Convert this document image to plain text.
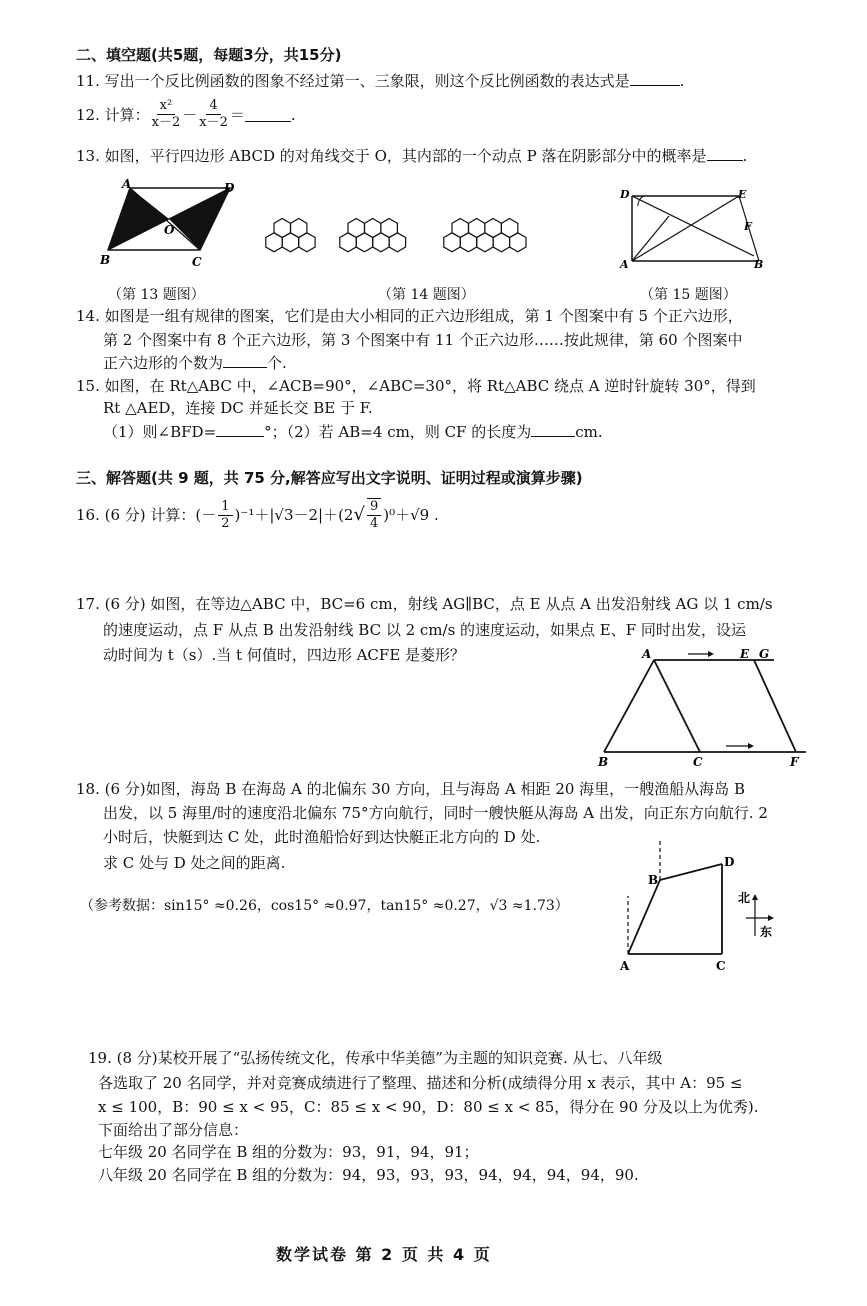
二、填空题(共5题，每题3分，共15分)
11. 写出一个反比例函数的图象不经过第一、三象限，则这个反比例函数的表达式是	.
12. 计算： $\frac{\text{x²}}{x-2} - \frac{4}{x-2}$ ＝	.
13. 如图，平行四边形 ABCD 的对角线交于 O，其内部的一个动点 P 落在阴影部分中的概率是 .
A	D
B	C
O
（第 13 题图）	（第 14 题图）
D	E
F
A	B
（第 15 题图）
14. 如图是一组有规律的图案，它们是由大小相同的正六边形组成，第 1 个图案中有 5 个正六边形，
第 2 个图案中有 8 个正六边形，第 3 个图案中有 11 个正六边形……按此规律，第 60 个图案中
正六边形的个数为	个.
15. 如图，在 Rt△ABC 中，∠ACB=90°，∠ABC=30°，将 Rt△ABC 绕点 A 逆时针旋转 30°，得到
Rt △AED，连接 DC 并延长交 BE 于 F.
（1）则∠BFD=	°；（2）若 AB=4 cm，则 CF 的长度为	cm.
三、解答题(共 9 题，共 75 分,解答应写出文字说明、证明过程或演算步骤)
16. (6 分) 计算：(－ $\frac{1}{2} )^{-1}+|√3-2|+(2$ √ $\frac{9}{4} )^0+√9$ .
17. (6 分) 如图，在等边△ABC 中，BC=6 cm，射线 AG∥BC，点 E 从点 A 出发沿射线 AG 以 1 cm/s
的速度运动，点 F 从点 B 出发沿射线 BC 以 2 cm/s 的速度运动，如果点 E、F 同时出发，设运
动时间为 t（s）.当 t 何值时，四边形 ACFE 是菱形？	A	E G
B	C	F
18. (6 分)如图，海岛 B 在海岛 A 的北偏东 30 方向，且与海岛 A 相距 20 海里，一艘渔船从海岛 B
出发，以 5 海里/时的速度沿北偏东 75°方向航行，同时一艘快艇从海岛 A 出发，向正东方向航行. 2
小时后，快艇到达 C 处，此时渔船恰好到达快艇正北方向的 D 处.
求 C 处与 D 处之间的距离.
（参考数据：sin15° ≈0.26，cos15° ≈0.97，tan15° ≈0.27，√3 ≈1.73）	北
东
A	C
B
D
19. (8 分)某校开展了“弘扬传统文化，传承中华美德”为主题的知识竞赛. 从七、八年级
各选取了 20 名同学，并对竞赛成绩进行了整理、描述和分析(成绩得分用 x 表示，其中 A：95 ≤
x ≤ 100，B：90 ≤ x < 95，C：85 ≤ x < 90，D：80 ≤ x < 85，得分在 90 分及以上为优秀).
下面给出了部分信息：
七年级 20 名同学在 B 组的分数为：93，91，94，91；
八年级 20 名同学在 B 组的分数为：94，93，93，93，94，94，94，94，90.
数学试卷 第 2 页 共 4 页
